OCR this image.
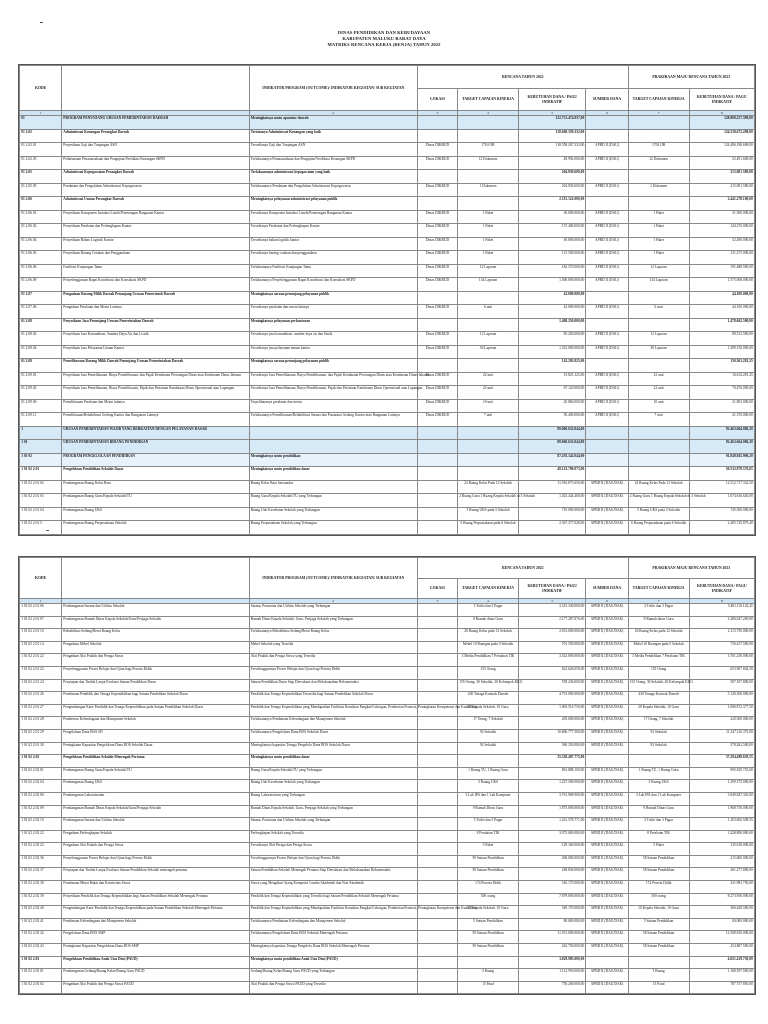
DINAS PENDIDIKAN DAN KEBUDAYAAN
KABUPATEN MALUKU BARAT DAYA
MATRIKS RENCANA KERJA (RENJA) TAHUN 2022
KODE		INDIKATOR PROGRAM (OUTCOME)/ INDIKATOR KEGIATAN/ SUB KEGIATAN	RENCANA TAHUN 2022				PRAKIRAAN MAJU RENCANA TAHUN 2023	
			LOKASI	TARGET CAPAIAN KINERJA	KEBUTUHAN DANA / PAGU INDIKATIF	SUMBER DANA	TARGET CAPAIAN KINERJA	KEBUTUHAN DANA / PAGU INDIKATIF
1		2	3	4	5	6	7	8
01	PROGRAM PENUNJANG URUSAN PEMERINTAHAN DAERAH	Meningkatnya mutu aparatur daerah			122.731.474.957,00			128.808.257.399,00
01 2.02	Administrasi Keuangan Perangkat Daerah	Tertatanya Administrasi Keuangan yang baik			118.608.359.332,00			124.538.672.298,00
01 2.02.01	Penyediaan Gaji dan Tunjangan ASN	Tersedianya Gaji dan Tunjangan ASN	Dinas DIKBUD	1704 OB	118.558.267.332,00	APBD II (DAU)	1704 OB	124.486.180.698,00
01 2.02.03	Pelaksanaan Penatausahaan dan Pengujian/Verifikasi Keuangan SKPD	Terlaksananya Penatausahaan dan Pengujian/Verifikasi Keuangan SKPD	Dinas DIKBUD	12 Dokumen	49.992.000,00	APBD II (DAU)	12 Dokumen	52.491.600,00
01 2.05	Administrasi Kepegawaian Perangkat Daerah	Terlaksananya administrasi kepegawaian yang baik			204.839.600,00			215.081.580,00
01 2.05.05	Pendataan dan Pengolahan Administrasi Kepegawaian	Terlaksananya Pendataan dan Pengolahan Administrasi Kepegawaian	Dinas DIKBUD	1 Dokumen	204.839.600,00	APBD II (DAU)	1 Dokumen	215.081.580,00
01 2.06	Administrasi Umum Perangkat Daerah	Meningkatnya pelayanan administrasi pelayanan publik			2.315.122.000,00			2.441.278.100,00
01 2.06.01	Penyediaan Komponen Instalasi Listrik/Penerangan Bangunan Kantor	Tersedianya Komponen Instalasi Listrik/Penerangan Bangunan Kantor	Dinas DIKBUD	1 Paket	30.000.000,00	APBD II (DAU)	1 Paket	31.500.000,00
01 2.06.02	Penyediaan Peralatan dan Perlengkapan Kantor	Tersedianya Peralatan dan Perlengkapan Kantor	Dinas DIKBUD	1 Paket	137.400.000,00	APBD II (DAU)	1 Paket	144.270.000,00
01 2.06.04	Penyediaan Bahan Logistik Kantor	Tersedianya bahan logistik kantor	Dinas DIKBUD	1 Paket	49.800.000,00	APBD II (DAU)	1 Paket	52.290.000,00
01 2.06.05	Penyediaan Barang Cetakan dan Penggandaan	Tersedianya barang cetakan dan penggandaan	Dinas DIKBUD	1 Paket	115.500.000,00	APBD II (DAU)	1 Paket	121.275.000,00
01 2.06.06	Fasilitasi Kunjungan Tamu	Terlaksananya Fasilitasi Kunjungan Tamu	Dinas DIKBUD	12 Laporan	182.370.000,00	APBD II (DAU)	12 Laporan	191.488.500,00
01 2.06.09	Penyelenggaraan Rapat Koordinasi dan Konsultasi SKPD	Terlaksananya Penyelenggaraan Rapat Koordinasi dan Konsultasi SKPD	Dinas DIKBUD	134 Laporan	1.500.000.000,00	APBD II (DAU)	134 Laporan	1.575.000.000,00
01 2.07	Pengadaan Barang Milik Daerah Penunjang Urusan Pemerintah Daerah	Meningkatnya sarana penunjang pelayanan publik			42.000.000,00			44.100.000,00
01 2.07.06	Pengadaan Peralatan dan Mesin Lainnya	Tersedianya peralatan dan mesin lainnya	Dinas DIKBUD	6 unit	42.000.000,00	APBD II (DAU)	6 unit	44.100.000,00
01 2.08	Penyediaan Jasa Penunjang Urusan Pemerintahan Daerah	Meningkatnya pelayanan perkantoran			1.408.250.000,00			1.478.662.500,00
01 2.08.02	Penyediaan Jasa Komunikasi, Sumber Daya Air dan Listrik	Tersedianya jasa komunikasi, sumber daya air dan listrik	Dinas DIKBUD	12 Laporan	85.250.000,00	APBD II (DAU)	12 Laporan	89.512.500,00
01 2.08.04	Penyediaan Jasa Pelayanan Umum Kantor	Tersedianya jasa pelayanan umum kantor	Dinas DIKBUD	30 Laporan	1.323.000.000,00	APBD II (DAU)	30 Laporan	1.389.150.000,00
01 2.09	Pemeliharaan Barang Milik Daerah Penunjang Urusan Pemerintahan Daerah	Meningkatnya sarana penunjang pelayanan publik			143.203.825,00			150.363.281,25
01 2.09.01	Penyediaan Jasa Pemeliharaan, Biaya Pemeliharaan, dan Pajak Kendaraan Perorangan Dinas atau Kendaraan Dinas Jabatan	Tersedianya Jasa Pemeliharaan, Biaya Pemeliharaan, dan Pajak Kendaraan Perorangan Dinas atau Kendaraan Dinas Jabatan	Dinas DIKBUD	22 unit	15.823.125,00	APBD II (DAU)	22 unit	16.614.281,25
01 2.09.02	Penyediaan Jasa Pemeliharaan, Biaya Pemeliharaan, Pajak dan Perizinan Kendaraan Dinas Operasional atau Lapangan	Tersedianya Jasa Pemeliharaan, Biaya Pemeliharaan, Pajak dan Perizinan Kendaraan Dinas Operasional atau Lapangan	Dinas DIKBUD	22 unit	67.120.000,00	APBD II (DAU)	22 unit	70.476.000,00
01 2.09.06	Pemeliharaan Peralatan dan Mesin lainnya	Terpeliharanya peralatan dan mesin	Dinas DIKBUD	10 unit	20.860.000,00	APBD II (DAU)	10 unit	21.903.000,00
01 2.09.11	Pemeliharaan/Rehabilitasi Gedung Kantor dan Bangunan Lainnya	Terlaksananya Pemeliharaan/Rehabilitasi Sarana dan Prasarana Gedung Kantor atau Bangunan Lainnya	Dinas DIKBUD	7 unit	39.400.000,00	APBD II (DAU)	7 unit	41.370.000,00
1	URUSAN PEMERINTAHAN WAJIB YANG BERKAITAN DENGAN PELAYANAN DASAR				88.060.632.044,00			92.463.664.086,20
1 01	URUSAN PEMERINTAHAN BIDANG PENDIDIKAN				88.060.632.044,00			92.463.664.086,20
1 01 02	PROGRAM PENGELOLAAN PENDIDIKAN	Meningkatnya mutu pendidikan			87.476.142.044,00			91.849.945.906,20
1 01 02 2.01	Pengelolaan Pendidikan Sekolah Dasar	Meningkatnya mutu pendidikan dasar			48.123.790.073,00			50.532.979.576,65
1 01 02 2.01 02	Pembangunan Ruang Kelas Baru	Ruang Kelas Baru berstandar		24 Ruang Kelas Pada 12 Sekolah	11.916.873.650,00	APBD II (DAU/DAK)	24 Ruang Kelas Pada 12 Sekolah	12.512.717.332,50
1 01 02 2.01 03	Pembangunan Ruang Guru/Kepala Sekolah/TU	Ruang Guru/Kepala Sekolah/TU yang Terbangun		2 Ruang Guru 1 Ruang Kepala Sekolah di 3 Sekolah	1.023.444.400,00	APBD II (DAU/DAK)	2 Ruang Guru 1 Ruang Kepala Sekolah di 3 Sekolah	1.074.616.620,00
1 01 02 2.01 04	Pembangunan Ruang UKS	Ruang Unit Kesehatan Sekolah yang Terbangun		5 Ruang UKS pada 5 Sekolah	710.000.000,00	APBD II (DAU/DAK)	5 Ruang UKS pada 5 Sekolah	745.500.000,00
1 01 02 2.01 5	Pembangunan Ruang Perpustakaan Sekolah	Ruang Perpustakaan Sekolah yang Terbangun		6 Ruang Perpustakaan pada 6 Sekolah	2.367.377.028,00	APBD II (DAU/DAK)	6 Ruang Perpustakaan pada 6 Sekolah	2.485.745.879,40
KODE		INDIKATOR PROGRAM (OUTCOME)/ INDIKATOR KEGIATAN/ SUB KEGIATAN	RENCANA TAHUN 2022				PRAKIRAAN MAJU RENCANA TAHUN 2023	
			LOKASI	TARGET CAPAIAN KINERJA	KEBUTUHAN DANA / PAGU INDIKATIF	SUMBER DANA	TARGET CAPAIAN KINERJA	KEBUTUHAN DANA / PAGU INDIKATIF
1		2	3	4	5	6	7	8
1 01 02 2.01 06	Pembangunan Sarana dan Utilitas Sekolah	Sarana, Prasarana dan Utilitas Sekolah yang Terbangun		3 Toilet dan 3 Pagar	3.315.340.000,00	APBD II (DAU/DAK)	3 Toilet dan 3 Pagar	3.481.116.122,45
1 01 02 2.01 07	Pembangunan Rumah Dinas Kepala Sekolah/Guru/Penjaga Sekolah	Rumah Dinas Kepala Sekolah, Guru, Penjaga Sekolah yang Terbangun		8 Rumah dinas Guru	2.177.287.876,00	APBD II (DAU/DAK)	8 Rumah dinas Guru	2.286.047.269,80
1 01 02 2.01 10	Rehabilitasi Sedang/Berat Ruang Kelas	Terlaksananya Rehabilitasi Sedang/Berat Ruang Kelas		26 Ruang Kelas pada 12 Sekolah	2.013.000.000,00	APBD II (DAU/DAK)	26 Ruang Kelas pada 12 Sekolah	2.113.750.000,00
1 01 02 2.01 14	Pengadaan Mebel Sekolah	Mebel Sekolah yang Tersedia		Mebel 10 Ruangan pada 5 Sekolah	701.550.000,00	APBD II (DAU/DAK)	Mebel 10 Ruangan pada 5 Sekolah	736.417.500,00
1 01 02 2.01 22	Pengadaan Alat Praktik dan Peraga Siswa	Alat Praktik dan Peraga Siswa yang Tersedia		3 Media Pendidikan 7 Peralatan TIK	3.523.000.000,00	APBD II (DAU/DAK)	3 Media Pendidikan 7 Peralatan TIK	3.701.250.000,00
1 01 02 2.01 23	Penyelenggaraan Proses Belajar dan Ujian bagi Peserta Didik	Terselenggaranya Proses Belajar dan Ujian bagi Peserta Didik		155 Orang	622.626.050,00	APBD II (DAU/DAK)	155 Orang	653.907.602,50
1 01 02 2.01 24	Penyiapan dan Tindak Lanjut Evaluasi Satuan Pendidikan Dasar	Satuan Pendidikan Dasar Siap Dievaluasi dan Melaksanakan Rekomendasi		155 Orang, 30 Sekolah, 20 Kelompok KKG	559.236.000,00	APBD II (DAU/DAK)	155 Orang, 30 Sekolah, 20 Kelompok KKG	587.197.800,00
1 01 02 2.01 26	Pembinaan Pendidik dan Tenaga Kependidikan bagi Satuan Pendidikan Sekolah Dasar	Pendidik dan Tenaga Kependidikan Terseedia bagi Satuan Pendidikan Sekolah Dasar		430 Tenaga Kontrak Daerah	4.791.000.000,00	APBD II (DAU/DAK)	430 Tenaga Kontrak Daerah	5.120.500.000,00
1 01 02 2.01 27	Pengembangan Karir Pendidik dan Tenaga Kependidikan pada Satuan Pendidikan Sekolah Dasar	Pendidik dan Tenaga Kependidikan yang Mendapatkan Fasilitasi Kenaikan Pangkat/Golongan, Pemberian Promosi, Peningkatan Kompetensi dan Kualifikasi		20 Kepala Sekolah, 10 Guru	1.003.516.750,00	APBD II (DAU/DAK)	20 Kepala Sekolah, 10 Guru	1.086.872.377,50
1 01 02 2.01 28	Pemberian Kelembagaan dan Manajemen Sekolah	Terlaksananya Pembinaan Kelembagaan dan Manajemen Sekolah		17 Orang, 7 Sekolah	205.000.000,00	APBD II (DAU/DAK)	17 Orang, 7 Sekolah	220.500.000,00
1 01 02 2.01 29	Pengelolaan Dana BOS SD	Terlaksananya Pengelolaan Dana BOS Sekolah Dasar		92 Sekolah	10.806.777.500,00	APBD II (DAU/DAK)	92 Sekolah	11.347.116.375,00
1 01 02 2.01 30	Peningkatan Kapasitas Pengelolaan Dana BOS Sekolah Dasar	Meningkatnya kapasitas Tenaga Pengelola Dana BOS Sekolah Dasar		92 Sekolah	360.250.000,00	APBD II (DAU/DAK)	92 Sekolah	378.262.500,00
1 01 02 2.02	Pengelolaan Pendidikan Sekolah Menengah Pertama	Meningkatnya mutu pendidikan dasar			35.528.407.775,00			37.294.489.639,55
1 01 02 2.02 01	Pembangunan Ruang Guru/Kepala Sekolah/TU	Ruang Guru/Kepala Sekolah/TU yang Terbangun		1 Ruang TU, 1 Ruang Guru	861.888.100,00	APBD II (DAU/DAK)	1 Ruang TU, 1 Ruang Guru	905.029.755,00
1 01 02 2.02 04	Pembangunan Ruang UKS	Ruang Unit Kesehatan Sekolah yang Terbangun		3 Ruang UKS	1.237.500.000,00	APBD II (DAU/DAK)	3 Ruang UKS	1.299.375.000,00
1 01 02 2.02 06	Pembangunan Laboratorium	Ruang Laboratorium yang Terbangun		3 Lab IPA dan 1 Lab Komputer	3.761.968.900,00	APBD II (DAU/DAK)	3 Lab IPA dan 1 Lab Komputer	3.949.847.345,00
1 01 02 2.02 09	Pembangunan Rumah Dinas Kepala Sekolah/Guru/Penjaga Sekolah	Rumah Dinas Kepala Sekolah, Guru, Penjaga Sekolah yang Terbangun		9 Rumah Dinas Guru	1.875.000.000,00	APBD II (DAU/DAK)	9 Rumah Dinas Guru	1.968.750.000,00
1 01 02 2.02 10	Pembangunan Sarana dan Utilitas Sekolah	Sarana, Prasarana dan Utilitas Sekolah yang Terbangun		3 Toilet dan 3 Pagar	1.241.578.771,00	APBD II (DAU/DAK)	3 Toilet dan 3 Pagar	1.303.665.509,55
1 01 02 2.02 22	Pengadaan Perlengkapan Sekolah	Perlengkapan Sekolah yang Tersedia		8 Peralatan TIK	3.075.000.000,00	APBD II (DAU/DAK)	8 Peralatan TIK	3.228.800.000,00
1 01 02 2.02 23	Pengadaan Alat Praktik dan Peraga Siswa	Tersedianya Alat Peraga dan Peraga Siswa		5 Paket	129.160.000,00	APBD II (DAU/DAK)	5 Paket	135.618.000,00
1 01 02 2.02 36	Penyelenggaraan Proses Belajar dan Ujian bagi Peserta Didik	Terselenggaranya Proses Belajar dan Ujian bagi Peserta Didik		58 Satuan Pendidikan	206.000.000,00	APBD II (DAU/DAK)	58 Satuan Pendidikan	215.600.000,00
1 01 02 2.02 37	Penyiapan dan Tindak Lanjut Evaluasi Satuan Pendidikan Sekolah menengah pertama	Satuan Pendidikan Sekolah Menengah Pertama Siap Dievaluasi dan Melaksanakan Rekomendasi		58 Satuan Pendidikan	248.836.000,00	APBD II (DAU/DAK)	58 Satuan Pendidikan	261.277.800,00
1 01 02 2.02 38	Pembinaan Minat Bakat dan Kreativitas Siswa	Siswa yang Mengikuti Ajang Kompetisi Lomba Akademik dan Non Akademik		174 Peserta Didik	316.175.000,00	APBD II (DAU/DAK)	174 Peserta Didik	331.983.750,00
1 01 02 2.02 39	Penyediaan Pendidik dan Tenaga Kependidikan bagi Satuan Pendidikan Sekolah Menengah Pertama	Pendidik dan Tenaga Kependidikan yang Tersedia bagi Satuan Pendidikan Sekolah Menengah Pertama		500 orang	7.879.000.000,00	APBD II (DAU/DAK)	500 orang	8.273.950.000,00
1 01 02 2.02 40	Pengembangan Karir Pendidik dan Tenaga Kependidikan pada Satuan Pendidikan Sekolah Menengah Pertama	Pendidik dan Tenaga Kependidikan yang Mendapatkan Fasilitasi Kenaikan Pangkat/Golongan, Pemberian Promosi, Peningkatan Kompetensi dan Kualifikasi		10 Kepala Sekolah, 10 Guru	349.170.000,00	APBD II (DAU/DAK)	10 Kepala Sekolah, 10 Guru	366.628.500,00
1 01 02 2.02 41	Pembinaan Kelembagaan dan Manajemen Sekolah	Terlaksananya Pembinaan Kelembagaan dan Manajemen Sekolah		5 Satuan Pendidikan	80.000.000,00	APBD II (DAU/DAK)	5 Satuan Pendidikan	84.000.000,00
1 01 02 2.02 42	Pengelolaan Dana BOS SMP	Terlaksananya Pengelolaan Dana BOS Sekolah Menengah Pertama		58 Satuan Pendidikan	11.913.000.000,00	APBD II (DAU/DAK)	58 Satuan Pendidikan	12.508.650.000,00
1 01 02 2.02 43	Peningkatan Kapasitas Pengelolaan Dana BOS SMP	Meningkatnya kapasitas Tenaga Pengelola Dana BOS Sekolah Menengah Pertama		58 Satuan Pendidikan	242.750.000,00	APBD II (DAU/DAK)	58 Satuan Pendidikan	254.887.500,00
1 01 02 2.03	Pengelolaan Pendidikan Anak Usia Dini (PAUD)	Meningkatnya mutu pendidikan Anak Usia Dini (PAUD)			3.829.985.000,00			4.021.419.750,00
1 01 02 2.03 01	Pembangunan Gedung/Ruang Kelas/Ruang Guru PAUD	Gedung/Ruang Kelas/Ruang Guru PAUD yang Terbangun		3 Ruang	1.112.950.000,00	APBD II (DAU/DAK)	3 Ruang	1.168.597.500,00
1 01 02 2.03 02	Pengadaan Alat Praktik dan Peraga Siswa PAUD	Alat Praktik dan Peraga Siswa PAUD yang Tersedia		15 Paud	750.200.000,00	APBD II (DAU/DAK)	15 Paud	787.757.850,00
